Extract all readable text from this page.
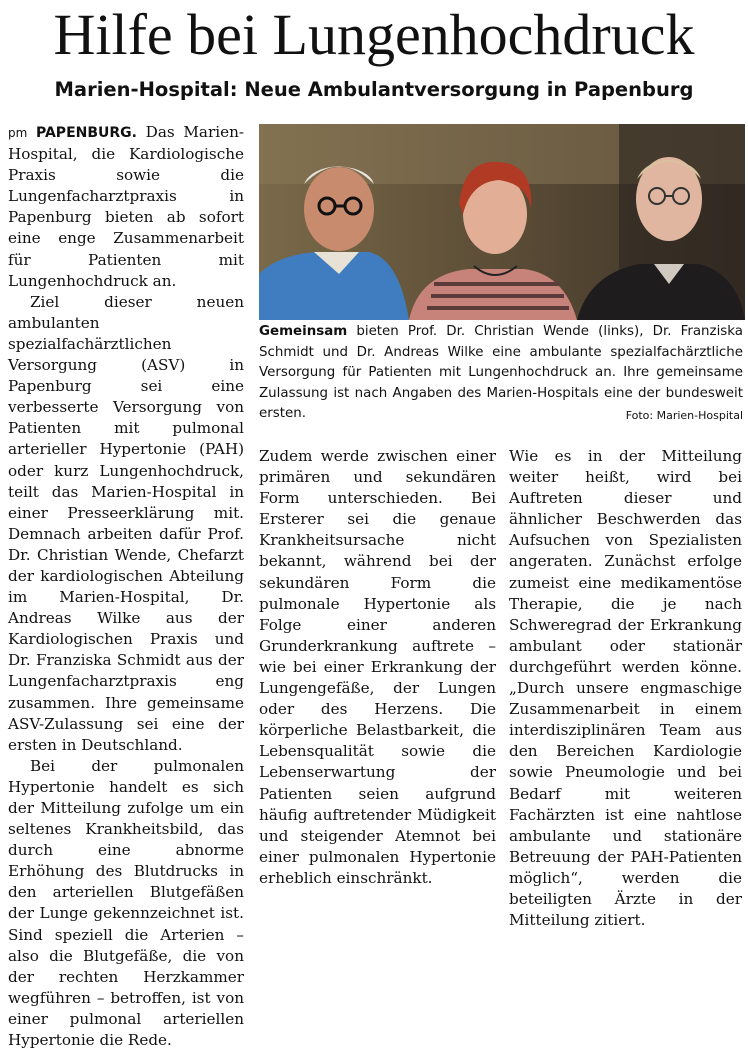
Hilfe bei Lungenhochdruck
Marien-Hospital: Neue Ambulantversorgung in Papenburg
Gemeinsam bieten Prof. Dr. Christian Wende (links), Dr. Franziska Schmidt und Dr. Andreas Wilke eine ambulante spezialfachärztliche Versorgung für Patienten mit Lungenhochdruck an. Ihre gemeinsame Zulassung ist nach Angaben des Marien-Hospitals eine der bundesweit ersten.	Foto: Marien-Hospital

pm PAPENBURG. Das Marien-Hospital, die Kardiologische Praxis sowie die Lungenfacharztpraxis in Papenburg bieten ab sofort eine enge Zusammenarbeit für Patienten mit Lungenhochdruck an.

Ziel dieser neuen ambulanten spezialfachärztlichen Versorgung (ASV) in Papenburg sei eine verbesserte Versorgung von Patienten mit pulmonal arterieller Hypertonie (PAH) oder kurz Lungenhochdruck, teilt das Marien-Hospital in einer Presseerklärung mit. Demnach arbeiten dafür Prof. Dr. Christian Wende, Chefarzt der kardiologischen Abteilung im Marien-Hospital, Dr. Andreas Wilke aus der Kardiologischen Praxis und Dr. Franziska Schmidt aus der Lungenfacharztpraxis eng zusammen. Ihre gemeinsame ASV-Zulassung sei eine der ersten in Deutschland.

Bei der pulmonalen Hypertonie handelt es sich der Mitteilung zufolge um ein seltenes Krankheitsbild, das durch eine abnorme Erhöhung des Blutdrucks in den arteriellen Blutgefäßen der Lunge gekennzeichnet ist. Sind speziell die Arterien – also die Blutgefäße, die von der rechten Herzkammer wegführen – betroffen, ist von einer pulmonal arteriellen Hypertonie die Rede.

Zudem werde zwischen einer primären und sekundären Form unterschieden. Bei Ersterer sei die genaue Krankheitsursache nicht bekannt, während bei der sekundären Form die pulmonale Hypertonie als Folge einer anderen Grunderkrankung auftrete – wie bei einer Erkrankung der Lungengefäße, der Lungen oder des Herzens. Die körperliche Belastbarkeit, die Lebensqualität sowie die Lebenserwartung der Patienten seien aufgrund häufig auftretender Müdigkeit und steigender Atemnot bei einer pulmonalen Hypertonie erheblich einschränkt.

Wie es in der Mitteilung weiter heißt, wird bei Auftreten dieser und ähnlicher Beschwerden das Aufsuchen von Spezialisten angeraten. Zunächst erfolge zumeist eine medikamentöse Therapie, die je nach Schweregrad der Erkrankung ambulant oder stationär durchgeführt werden könne. „Durch unsere engmaschige Zusammenarbeit in einem interdisziplinären Team aus den Bereichen Kardiologie sowie Pneumologie und bei Bedarf mit weiteren Fachärzten ist eine nahtlose ambulante und stationäre Betreuung der PAH-Patienten möglich“, werden die beteiligten Ärzte in der Mitteilung zitiert.
